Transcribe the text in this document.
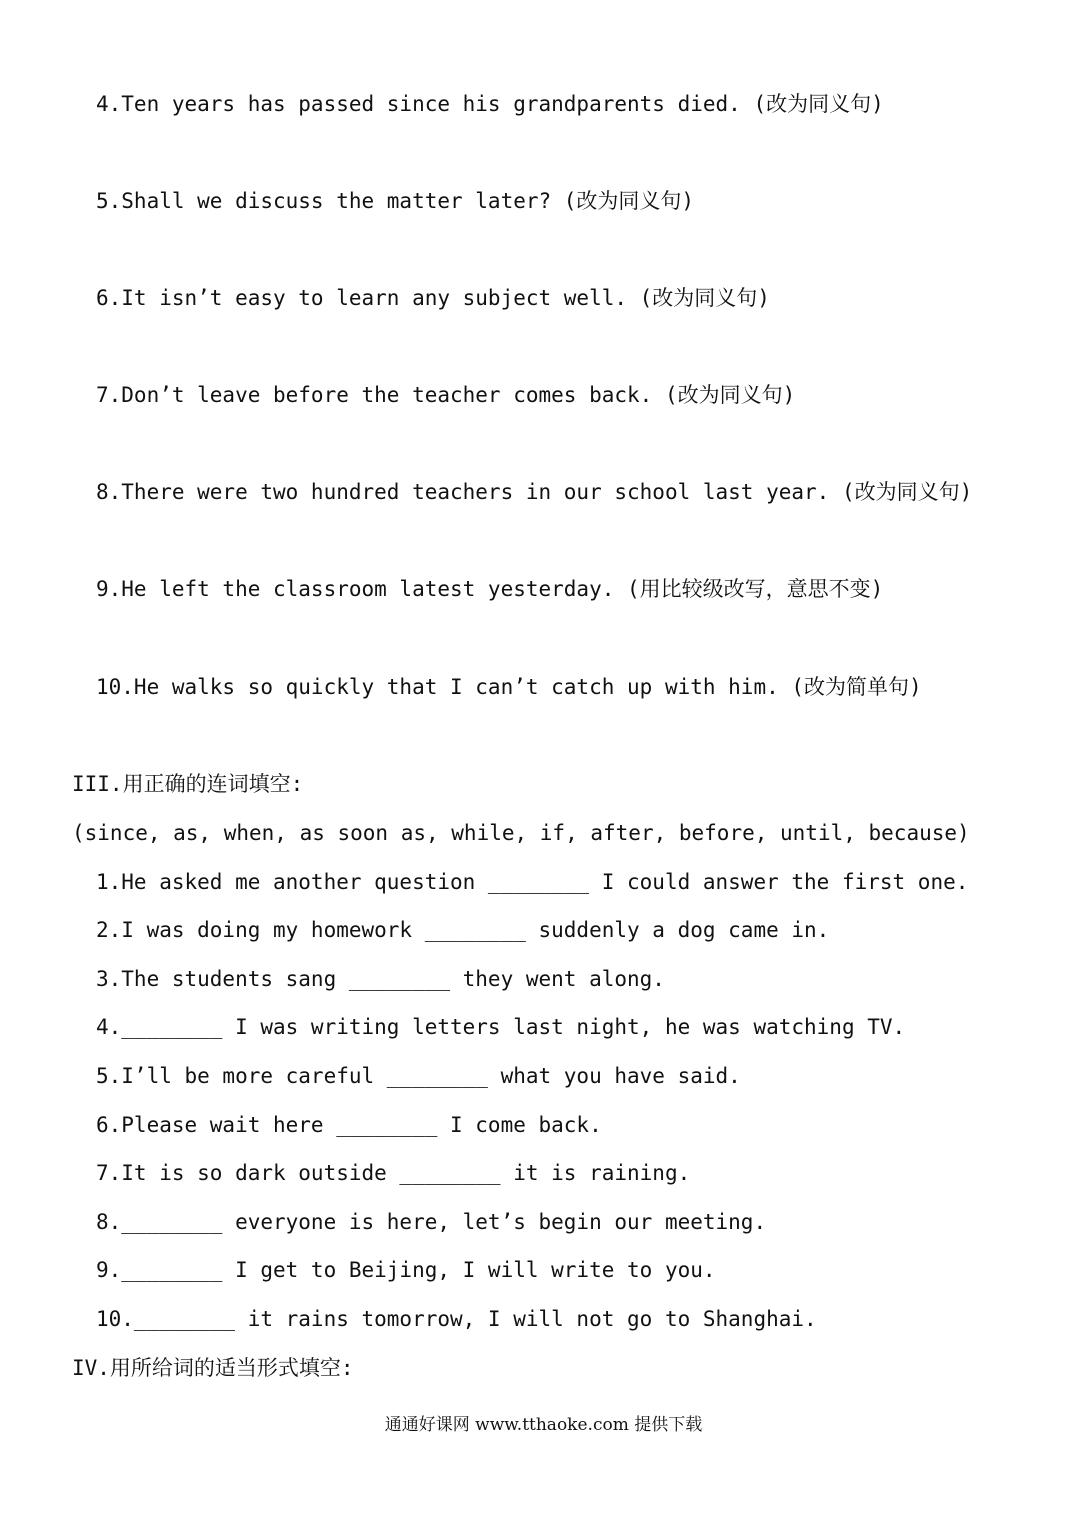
4.Ten years has passed since his grandparents died. (改为同义句)

5.Shall we discuss the matter later? (改为同义句)

6.It isn’t easy to learn any subject well. (改为同义句)

7.Don’t leave before the teacher comes back. (改为同义句)

8.There were two hundred teachers in our school last year. (改为同义句)

9.He left the classroom latest yesterday. (用比较级改写，意思不变)

10.He walks so quickly that I can’t catch up with him. (改为简单句)

III.用正确的连词填空:

(since, as, when, as soon as, while, if, after, before, until, because)

1.He asked me another question ________ I could answer the first one.

2.I was doing my homework ________ suddenly a dog came in.

3.The students sang ________ they went along.

4.________ I was writing letters last night, he was watching TV.

5.I’ll be more careful ________ what you have said.

6.Please wait here ________ I come back.

7.It is so dark outside ________ it is raining.

8.________ everyone is here, let’s begin our meeting.

9.________ I get to Beijing, I will write to you.

10.________ it rains tomorrow, I will not go to Shanghai.

IV.用所给词的适当形式填空:

通通好课网 www.tthaoke.com 提供下载
